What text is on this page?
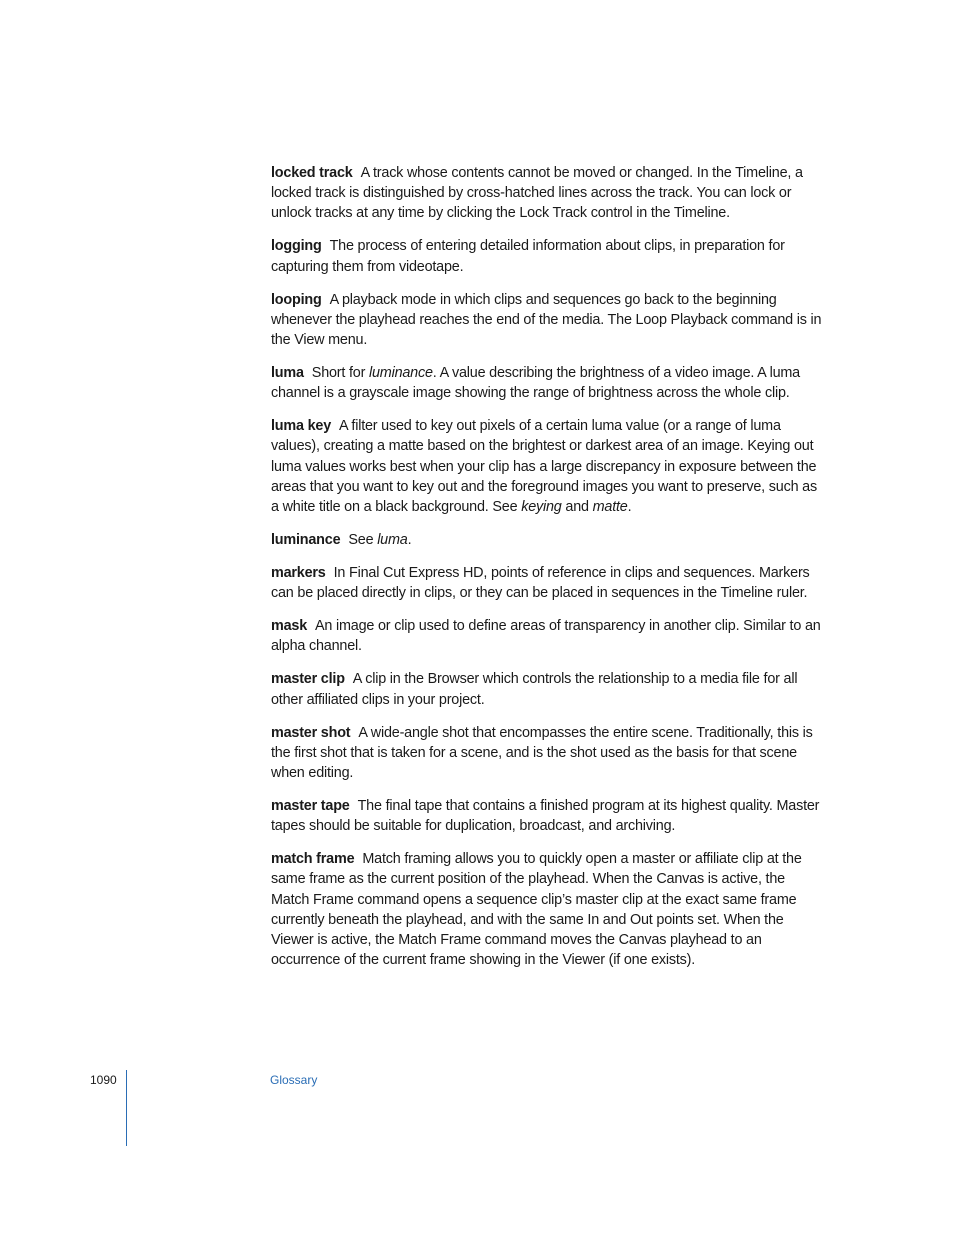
locked track A track whose contents cannot be moved or changed. In the Timeline, a locked track is distinguished by cross-hatched lines across the track. You can lock or unlock tracks at any time by clicking the Lock Track control in the Timeline.

logging The process of entering detailed information about clips, in preparation for capturing them from videotape.

looping A playback mode in which clips and sequences go back to the beginning whenever the playhead reaches the end of the media. The Loop Playback command is in the View menu.

luma Short for luminance. A value describing the brightness of a video image. A luma channel is a grayscale image showing the range of brightness across the whole clip.

luma key A filter used to key out pixels of a certain luma value (or a range of luma values), creating a matte based on the brightest or darkest area of an image. Keying out luma values works best when your clip has a large discrepancy in exposure between the areas that you want to key out and the foreground images you want to preserve, such as a white title on a black background. See keying and matte.

luminance See luma.

markers In Final Cut Express HD, points of reference in clips and sequences. Markers can be placed directly in clips, or they can be placed in sequences in the Timeline ruler.

mask An image or clip used to define areas of transparency in another clip. Similar to an alpha channel.

master clip A clip in the Browser which controls the relationship to a media file for all other affiliated clips in your project.

master shot A wide-angle shot that encompasses the entire scene. Traditionally, this is the first shot that is taken for a scene, and is the shot used as the basis for that scene when editing.

master tape The final tape that contains a finished program at its highest quality. Master tapes should be suitable for duplication, broadcast, and archiving.

match frame Match framing allows you to quickly open a master or affiliate clip at the same frame as the current position of the playhead. When the Canvas is active, the Match Frame command opens a sequence clip’s master clip at the exact same frame currently beneath the playhead, and with the same In and Out points set. When the Viewer is active, the Match Frame command moves the Canvas playhead to an occurrence of the current frame showing in the Viewer (if one exists).

1090	Glossary
